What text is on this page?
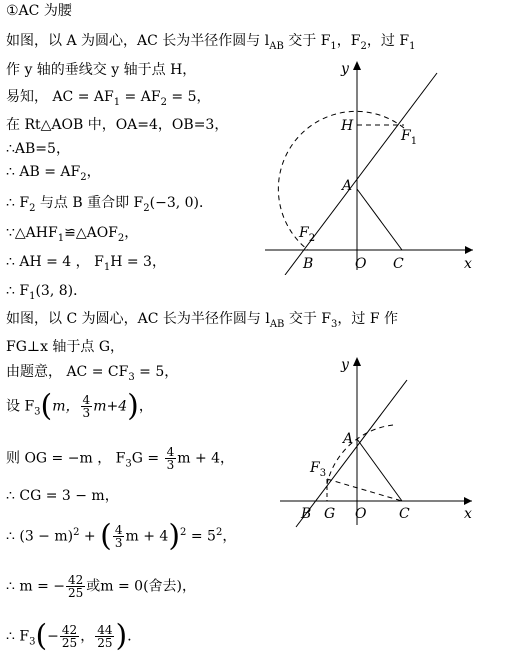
①AC 为腰
如图，以 A 为圆心，AC 长为半径作圆与 $l_{AB}$ 交于 $F_1$，$F_2$，过 $F_1$
作 y 轴的垂线交 y 轴于点 H，
易知， AC = $AF_1 = AF_2 = 5$，
在 Rt△AOB 中，OA=4，OB=3，
∴AB=5，
∴ AB = $AF_2$，
∴ $F_2$ 与点 B 重合即 $F_2(-3$, 0)．
$\because\triangle AHF_1≌\triangle AOF_2$，
∴ AH = 4 ， $F_1H = 3$，
∴ $F_1(3$, 8)．
如图，以 C 为圆心，AC 长为半径作圆与 $l_{AB}$ 交于 $F_3$，过 F 作
FG⊥x 轴于点 G，
由题意， AC = $CF_3 = 5$，
设 $F_3(m$， $\frac{4}{3} m+4$)，
则 OG = −m ， $F_3G = \frac{4}{3}$ m + 4，
∴ CG = 3 − m，
∴ $(3 - m)^2$ + ( $\frac{4}{3}$ $m + 4)^2 = 5^2$，
∴ m = − $\frac{42}{25}$ 或m = 0(舍去)，
∴ $F_3(- \frac{42}{25}$ ， $\frac{44}{25}$ )．
x
y
H
$F_1$
A
$F_2$
B	O C
x
y
A
$F_3$
B G O C
